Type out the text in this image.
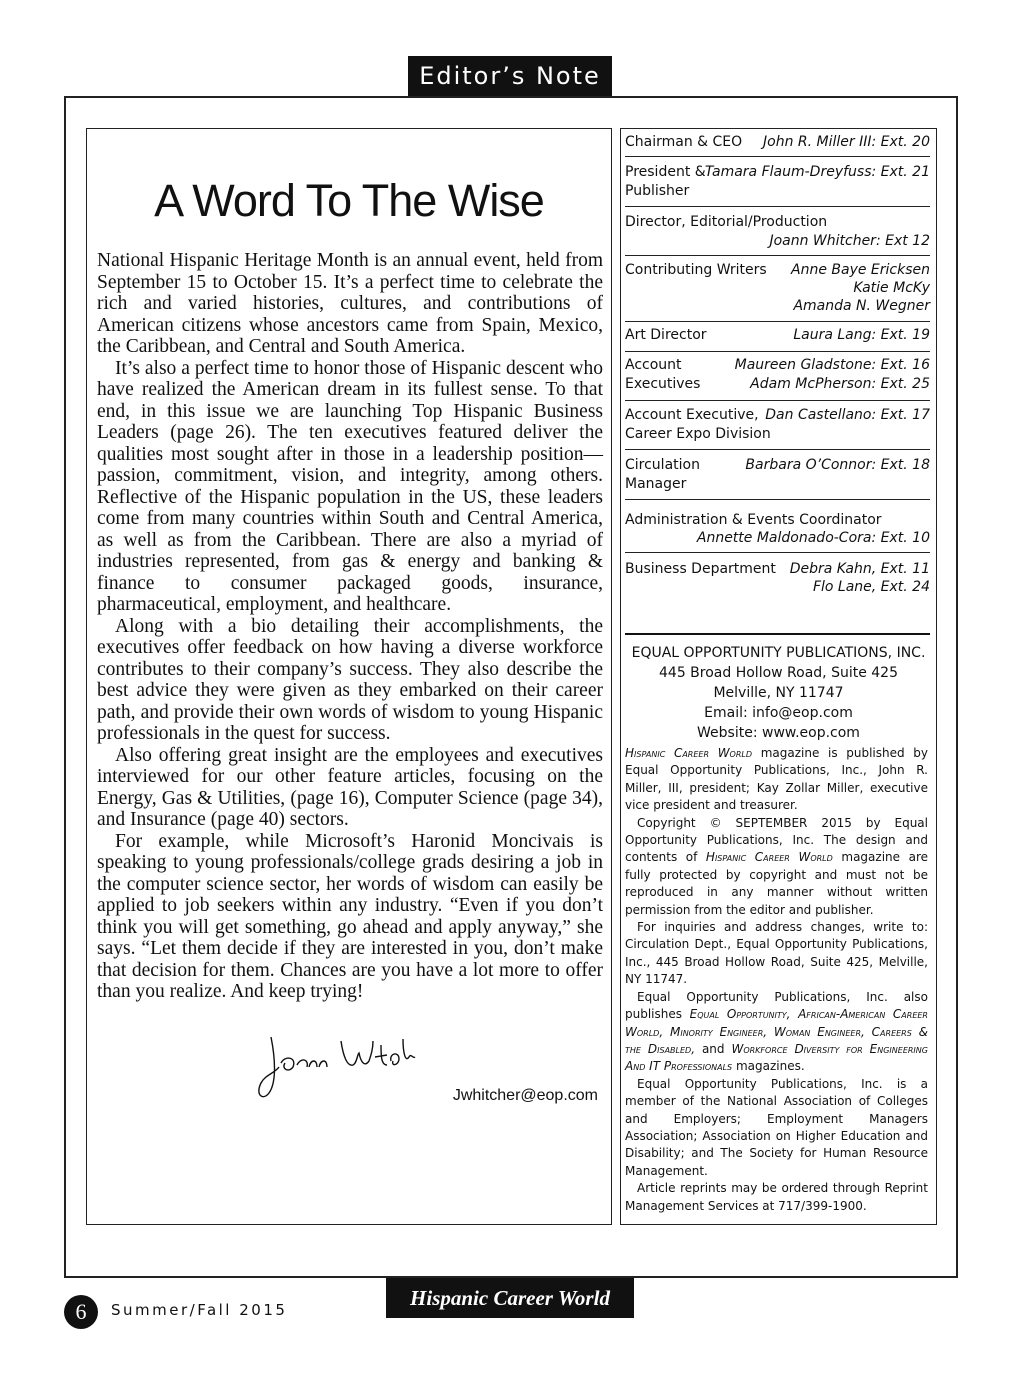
Editor’s Note
A Word To The Wise

National Hispanic Heritage Month is an annual event, held from September 15 to October 15. It’s a perfect time to celebrate the rich and varied histories, cultures, and contributions of American citizens whose ancestors came from Spain, Mexico, the Caribbean, and Central and South America.

It’s also a perfect time to honor those of Hispanic descent who have realized the American dream in its fullest sense. To that end, in this issue we are launching Top Hispanic Business Leaders (page 26). The ten executives featured deliver the qualities most sought after in those in a leadership position—passion, commitment, vision, and integrity, among others. Reflective of the Hispanic population in the US, these leaders come from many countries within South and Central America, as well as from the Caribbean. There are also a myriad of industries represented, from gas & energy and banking & finance to consumer packaged goods, insurance, pharmaceutical, employment, and healthcare.

Along with a bio detailing their accomplishments, the executives offer feedback on how having a diverse workforce contributes to their company’s success. They also describe the best advice they were given as they embarked on their career path, and provide their own words of wisdom to young Hispanic professionals in the quest for success.

Also offering great insight are the employees and executives interviewed for our other feature articles, focusing on the Energy, Gas & Utilities, (page 16), Computer Science (page 34), and Insurance (page 40) sectors.

For example, while Microsoft’s Haronid Moncivais is speaking to young professionals/college grads desiring a job in the computer science sector, her words of wisdom can easily be applied to job seekers within any industry. “Even if you don’t think you will get something, go ahead and apply anyway,” she says. “Let them decide if they are interested in you, don’t make that decision for them. Chances are you have a lot more to offer than you realize. And keep trying!

Jwhitcher@eop.com
Chairman & CEO John R. Miller III: Ext. 20
President & Tamara Flaum-Dreyfuss: Ext. 21
Publisher
Director, Editorial/Production
Joann Whitcher: Ext 12
Contributing Writers Anne Baye Ericksen
Katie McKy
Amanda N. Wegner
Art Director	Laura Lang: Ext. 19
Account	Maureen Gladstone: Ext. 16
Executives	Adam McPherson: Ext. 25
Account Executive, Dan Castellano: Ext. 17
Career Expo Division
Circulation	Barbara O’Connor: Ext. 18
Manager
Administration & Events Coordinator
Annette Maldonado-Cora: Ext. 10
Business Department Debra Kahn, Ext. 11
Flo Lane, Ext. 24
EQUAL OPPORTUNITY PUBLICATIONS, INC.
445 Broad Hollow Road, Suite 425
Melville, NY 11747
Email: info@eop.com
Website: www.eop.com

Hispanic Career World magazine is published by Equal Opportunity Publications, Inc., John R. Miller, III, president; Kay Zollar Miller, executive vice president and treasurer.

Copyright © SEPTEMBER 2015 by Equal Opportunity Publications, Inc. The design and contents of Hispanic Career World magazine are fully protected by copyright and must not be reproduced in any manner without written permission from the editor and publisher.

For inquiries and address changes, write to: Circulation Dept., Equal Opportunity Publications, Inc., 445 Broad Hollow Road, Suite 425, Melville, NY 11747.

Equal Opportunity Publications, Inc. also publishes Equal Opportunity, African-American Career World, Minority Engineer, Woman Engineer, Careers & the Disabled, and Workforce Diversity for Engineering And IT Professionals magazines.

Equal Opportunity Publications, Inc. is a member of the National Association of Colleges and Employers; Employment Managers Association; Association on Higher Education and Disability; and The Society for Human Resource Management.

Article reprints may be ordered through Reprint Management Services at 717/399-1900.

6	Summer/Fall 2015
Hispanic Career World
